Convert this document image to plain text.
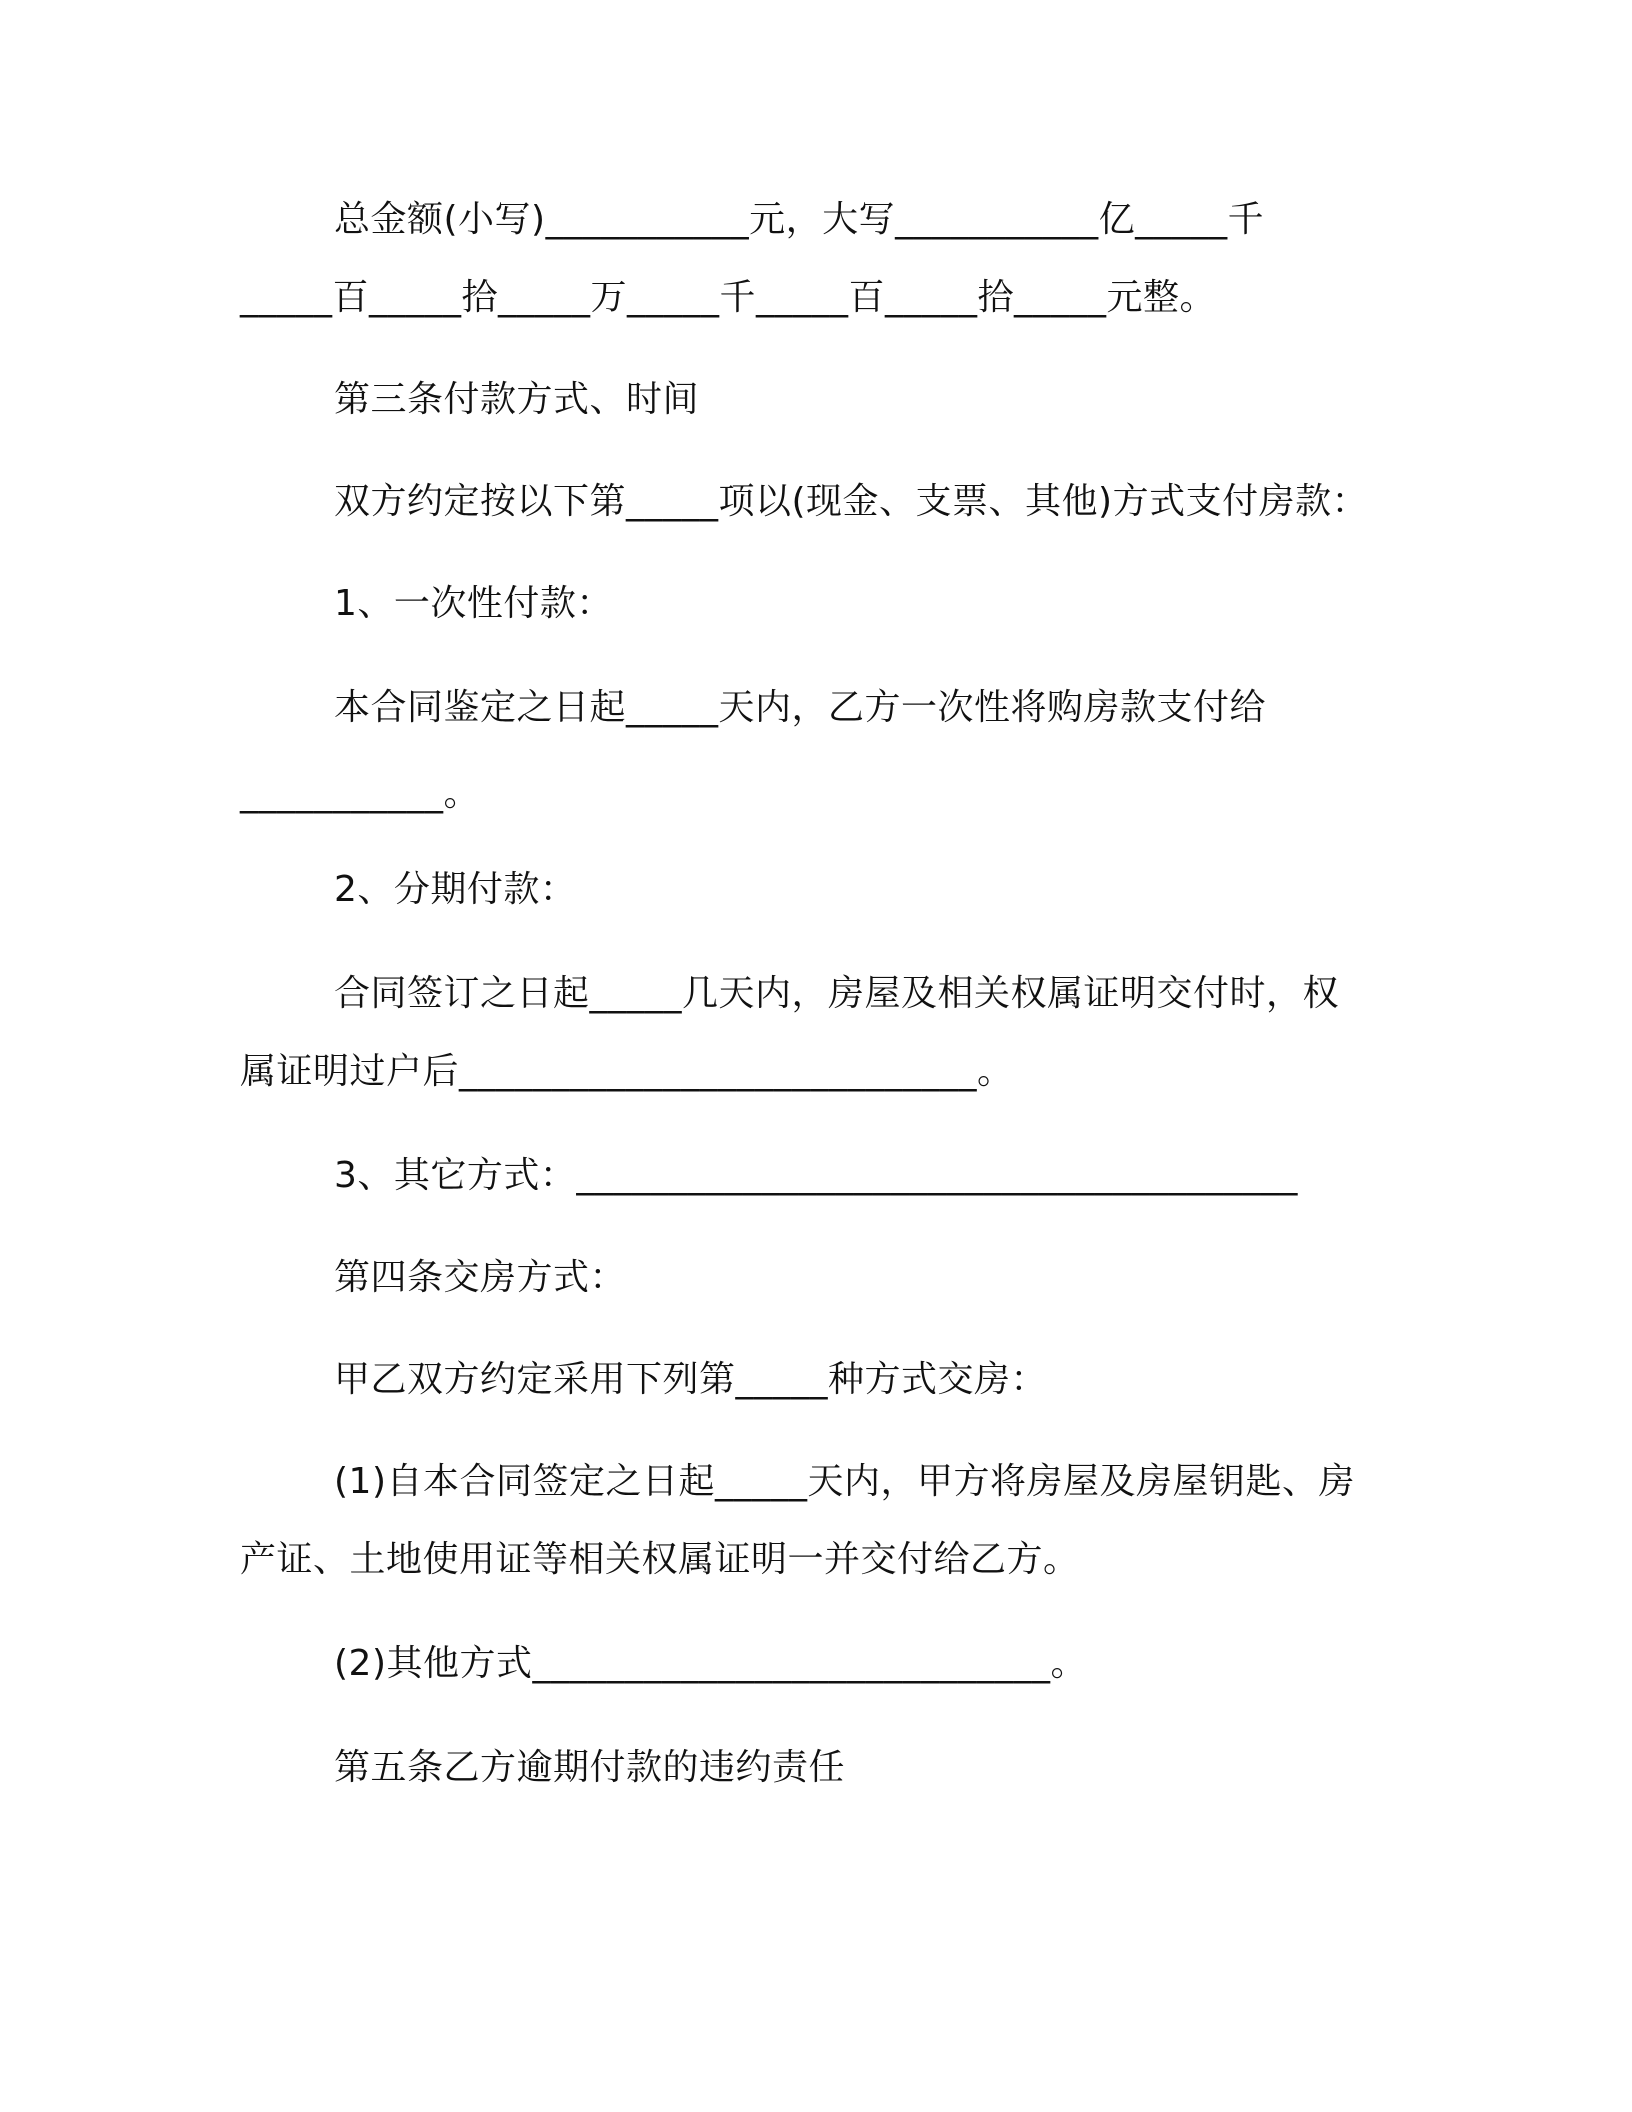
总金额(小写)___________元，大写___________亿_____千
_____百_____拾_____万_____千_____百_____拾_____元整。
第三条付款方式、时间
双方约定按以下第_____项以(现金、支票、其他)方式支付房款：
1、一次性付款：
本合同鉴定之日起_____天内，乙方一次性将购房款支付给
___________。
2、分期付款：
合同签订之日起_____几天内，房屋及相关权属证明交付时，权
属证明过户后____________________________。
3、其它方式：_______________________________________
第四条交房方式：
甲乙双方约定采用下列第_____种方式交房：
(1)自本合同签定之日起_____天内，甲方将房屋及房屋钥匙、房
产证、土地使用证等相关权属证明一并交付给乙方。
(2)其他方式____________________________。
第五条乙方逾期付款的违约责任
